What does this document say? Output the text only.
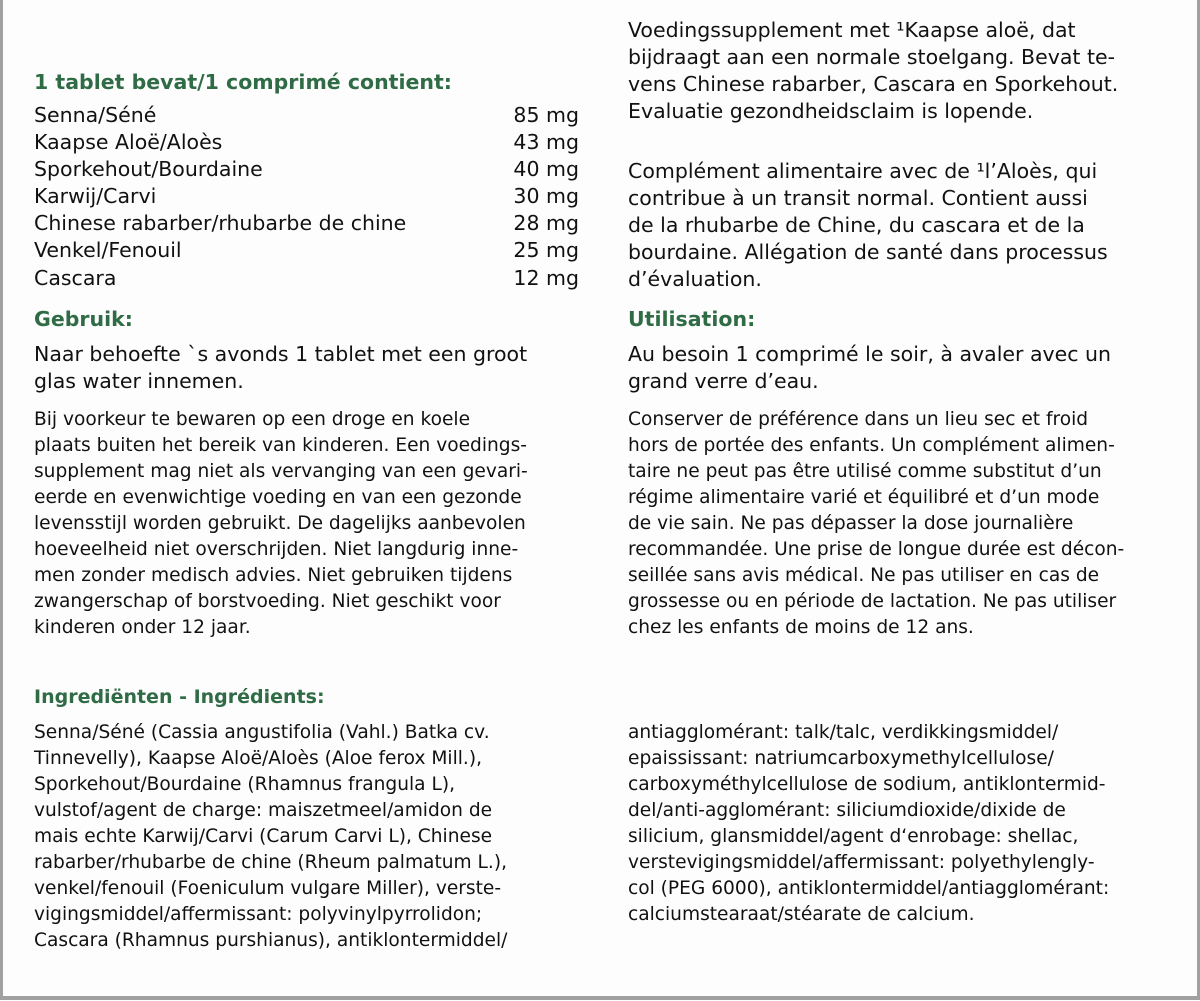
1 tablet bevat/1 comprimé contient:
Senna/Séné	85 mg
Kaapse Aloë/Aloès	43 mg
Sporkehout/Bourdaine	40 mg
Karwij/Carvi	30 mg
Chinese rabarber/rhubarbe de chine	28 mg
Venkel/Fenouil	25 mg
Cascara	12 mg
Gebruik:

Naar behoefte `s avonds 1 tablet met een groot
glas water innemen.

Bij voorkeur te bewaren op een droge en koele
plaats buiten het bereik van kinderen. Een voedings-
supplement mag niet als vervanging van een gevari-
eerde en evenwichtige voeding en van een gezonde
levensstijl worden gebruikt. De dagelijks aanbevolen
hoeveelheid niet overschrijden. Niet langdurig inne-
men zonder medisch advies. Niet gebruiken tijdens
zwangerschap of borstvoeding. Niet geschikt voor
kinderen onder 12 jaar.

Ingrediënten - Ingrédients:

Senna/Séné (Cassia angustifolia (Vahl.) Batka cv.
Tinnevelly), Kaapse Aloë/Aloès (Aloe ferox Mill.),
Sporkehout/Bourdaine (Rhamnus frangula L),
vulstof/agent de charge: maiszetmeel/amidon de
mais echte Karwij/Carvi (Carum Carvi L), Chinese
rabarber/rhubarbe de chine (Rheum palmatum L.),
venkel/fenouil (Foeniculum vulgare Miller), verste-
vigingsmiddel/affermissant: polyvinylpyrrolidon;
Cascara (Rhamnus purshianus), antiklontermiddel/

Voedingssupplement met ¹Kaapse aloë, dat
bijdraagt aan een normale stoelgang. Bevat te-
vens Chinese rabarber, Cascara en Sporkehout.
Evaluatie gezondheidsclaim is lopende.

Complément alimentaire avec de ¹l’Aloès, qui
contribue à un transit normal. Contient aussi
de la rhubarbe de Chine, du cascara et de la
bourdaine. Allégation de santé dans processus
d’évaluation.

Utilisation:

Au besoin 1 comprimé le soir, à avaler avec un
grand verre d’eau.

Conserver de préférence dans un lieu sec et froid
hors de portée des enfants. Un complément alimen-
taire ne peut pas être utilisé comme substitut d’un
régime alimentaire varié et équilibré et d’un mode
de vie sain. Ne pas dépasser la dose journalière
recommandée. Une prise de longue durée est décon-
seillée sans avis médical. Ne pas utiliser en cas de
grossesse ou en période de lactation. Ne pas utiliser
chez les enfants de moins de 12 ans.

antiagglomérant: talk/talc, verdikkingsmiddel/
epaississant: natriumcarboxymethylcellulose/
carboxyméthylcellulose de sodium, antiklontermid-
del/anti-agglomérant: siliciumdioxide/dixide de
silicium, glansmiddel/agent d‘enrobage: shellac,
verstevigingsmiddel/affermissant: polyethylengly-
col (PEG 6000), antiklontermiddel/antiagglomérant:
calciumstearaat/stéarate de calcium.
